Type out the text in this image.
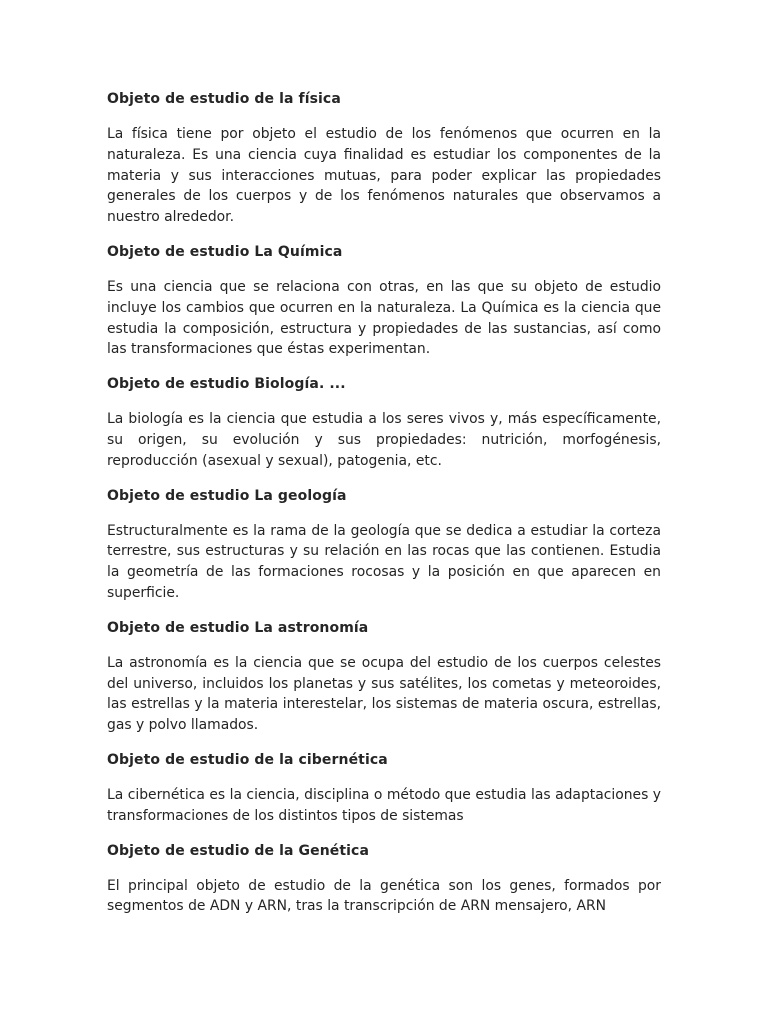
Objeto de estudio de la física
La física tiene por objeto el estudio de los fenómenos que ocurren en la naturaleza. Es una ciencia cuya finalidad es estudiar los componentes de la materia y sus interacciones mutuas, para poder explicar las propiedades generales de los cuerpos y de los fenómenos naturales que observamos a nuestro alrededor.
Objeto de estudio La Química
Es una ciencia que se relaciona con otras, en las que su objeto de estudio incluye los cambios que ocurren en la naturaleza. La Química es la ciencia que estudia la composición, estructura y propiedades de las sustancias, así como las transformaciones que éstas experimentan.
Objeto de estudio Biología. ...
La biología es la ciencia que estudia a los seres vivos y, más específicamente, su origen, su evolución y sus propiedades: nutrición, morfogénesis, reproducción (asexual y sexual), patogenia, etc.
Objeto de estudio La geología
Estructuralmente es la rama de la geología que se dedica a estudiar la corteza terrestre, sus estructuras y su relación en las rocas que las contienen. Estudia la geometría de las formaciones rocosas y la posición en que aparecen en superficie.
Objeto de estudio La astronomía
La astronomía es la ciencia que se ocupa del estudio de los cuerpos celestes del universo, incluidos los planetas y sus satélites, los cometas y meteoroides, las estrellas y la materia interestelar, los sistemas de materia oscura, estrellas, gas y polvo llamados.
Objeto de estudio de la cibernética
La cibernética es la ciencia, disciplina o método que estudia las adaptaciones y transformaciones de los distintos tipos de sistemas
Objeto de estudio de la Genética
El principal objeto de estudio de la genética son los genes, formados por segmentos de ADN y ARN, tras la transcripción de ARN mensajero, ARN
